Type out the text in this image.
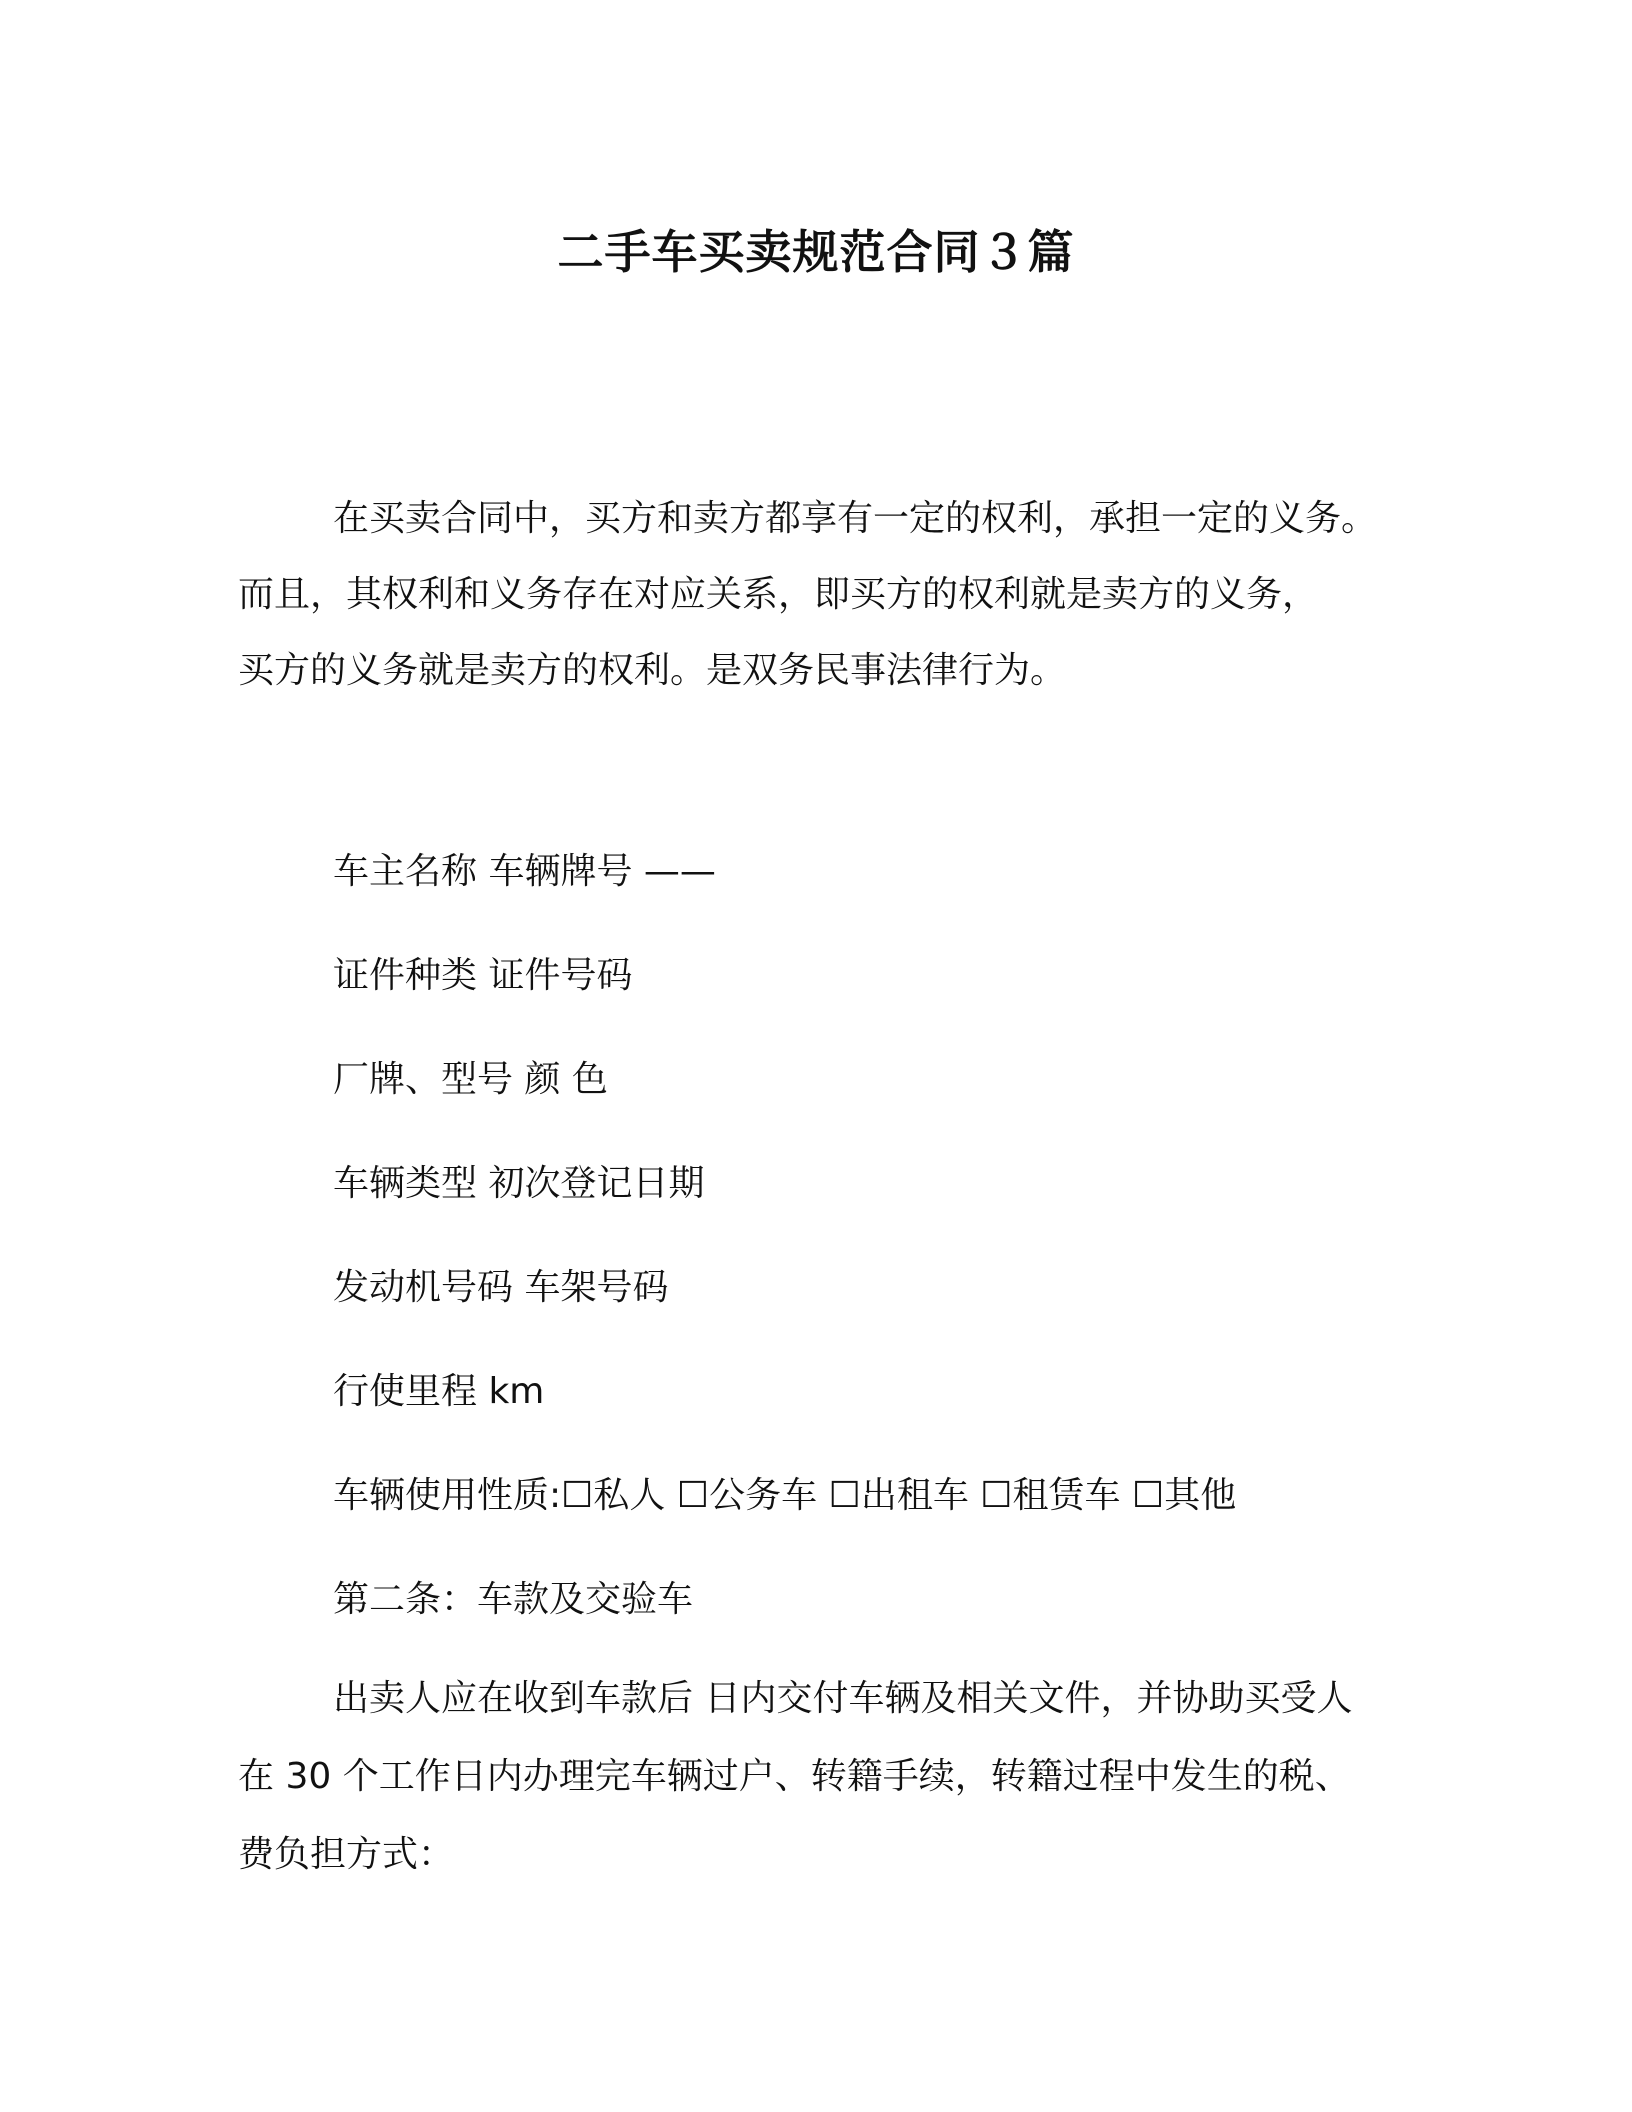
二手车买卖规范合同３篇
在买卖合同中，买方和卖方都享有一定的权利，承担一定的义务。
而且，其权利和义务存在对应关系，即买方的权利就是卖方的义务，
买方的义务就是卖方的权利。是双务民事法律行为。
车主名称 车辆牌号 ——
证件种类 证件号码
厂牌、型号 颜 色
车辆类型 初次登记日期
发动机号码 车架号码
行使里程 km
车辆使用性质:☐私人 ☐公务车 ☐出租车 ☐租赁车 ☐其他
第二条：车款及交验车
出卖人应在收到车款后 日内交付车辆及相关文件，并协助买受人
在 30 个工作日内办理完车辆过户、转籍手续，转籍过程中发生的税、
费负担方式：
